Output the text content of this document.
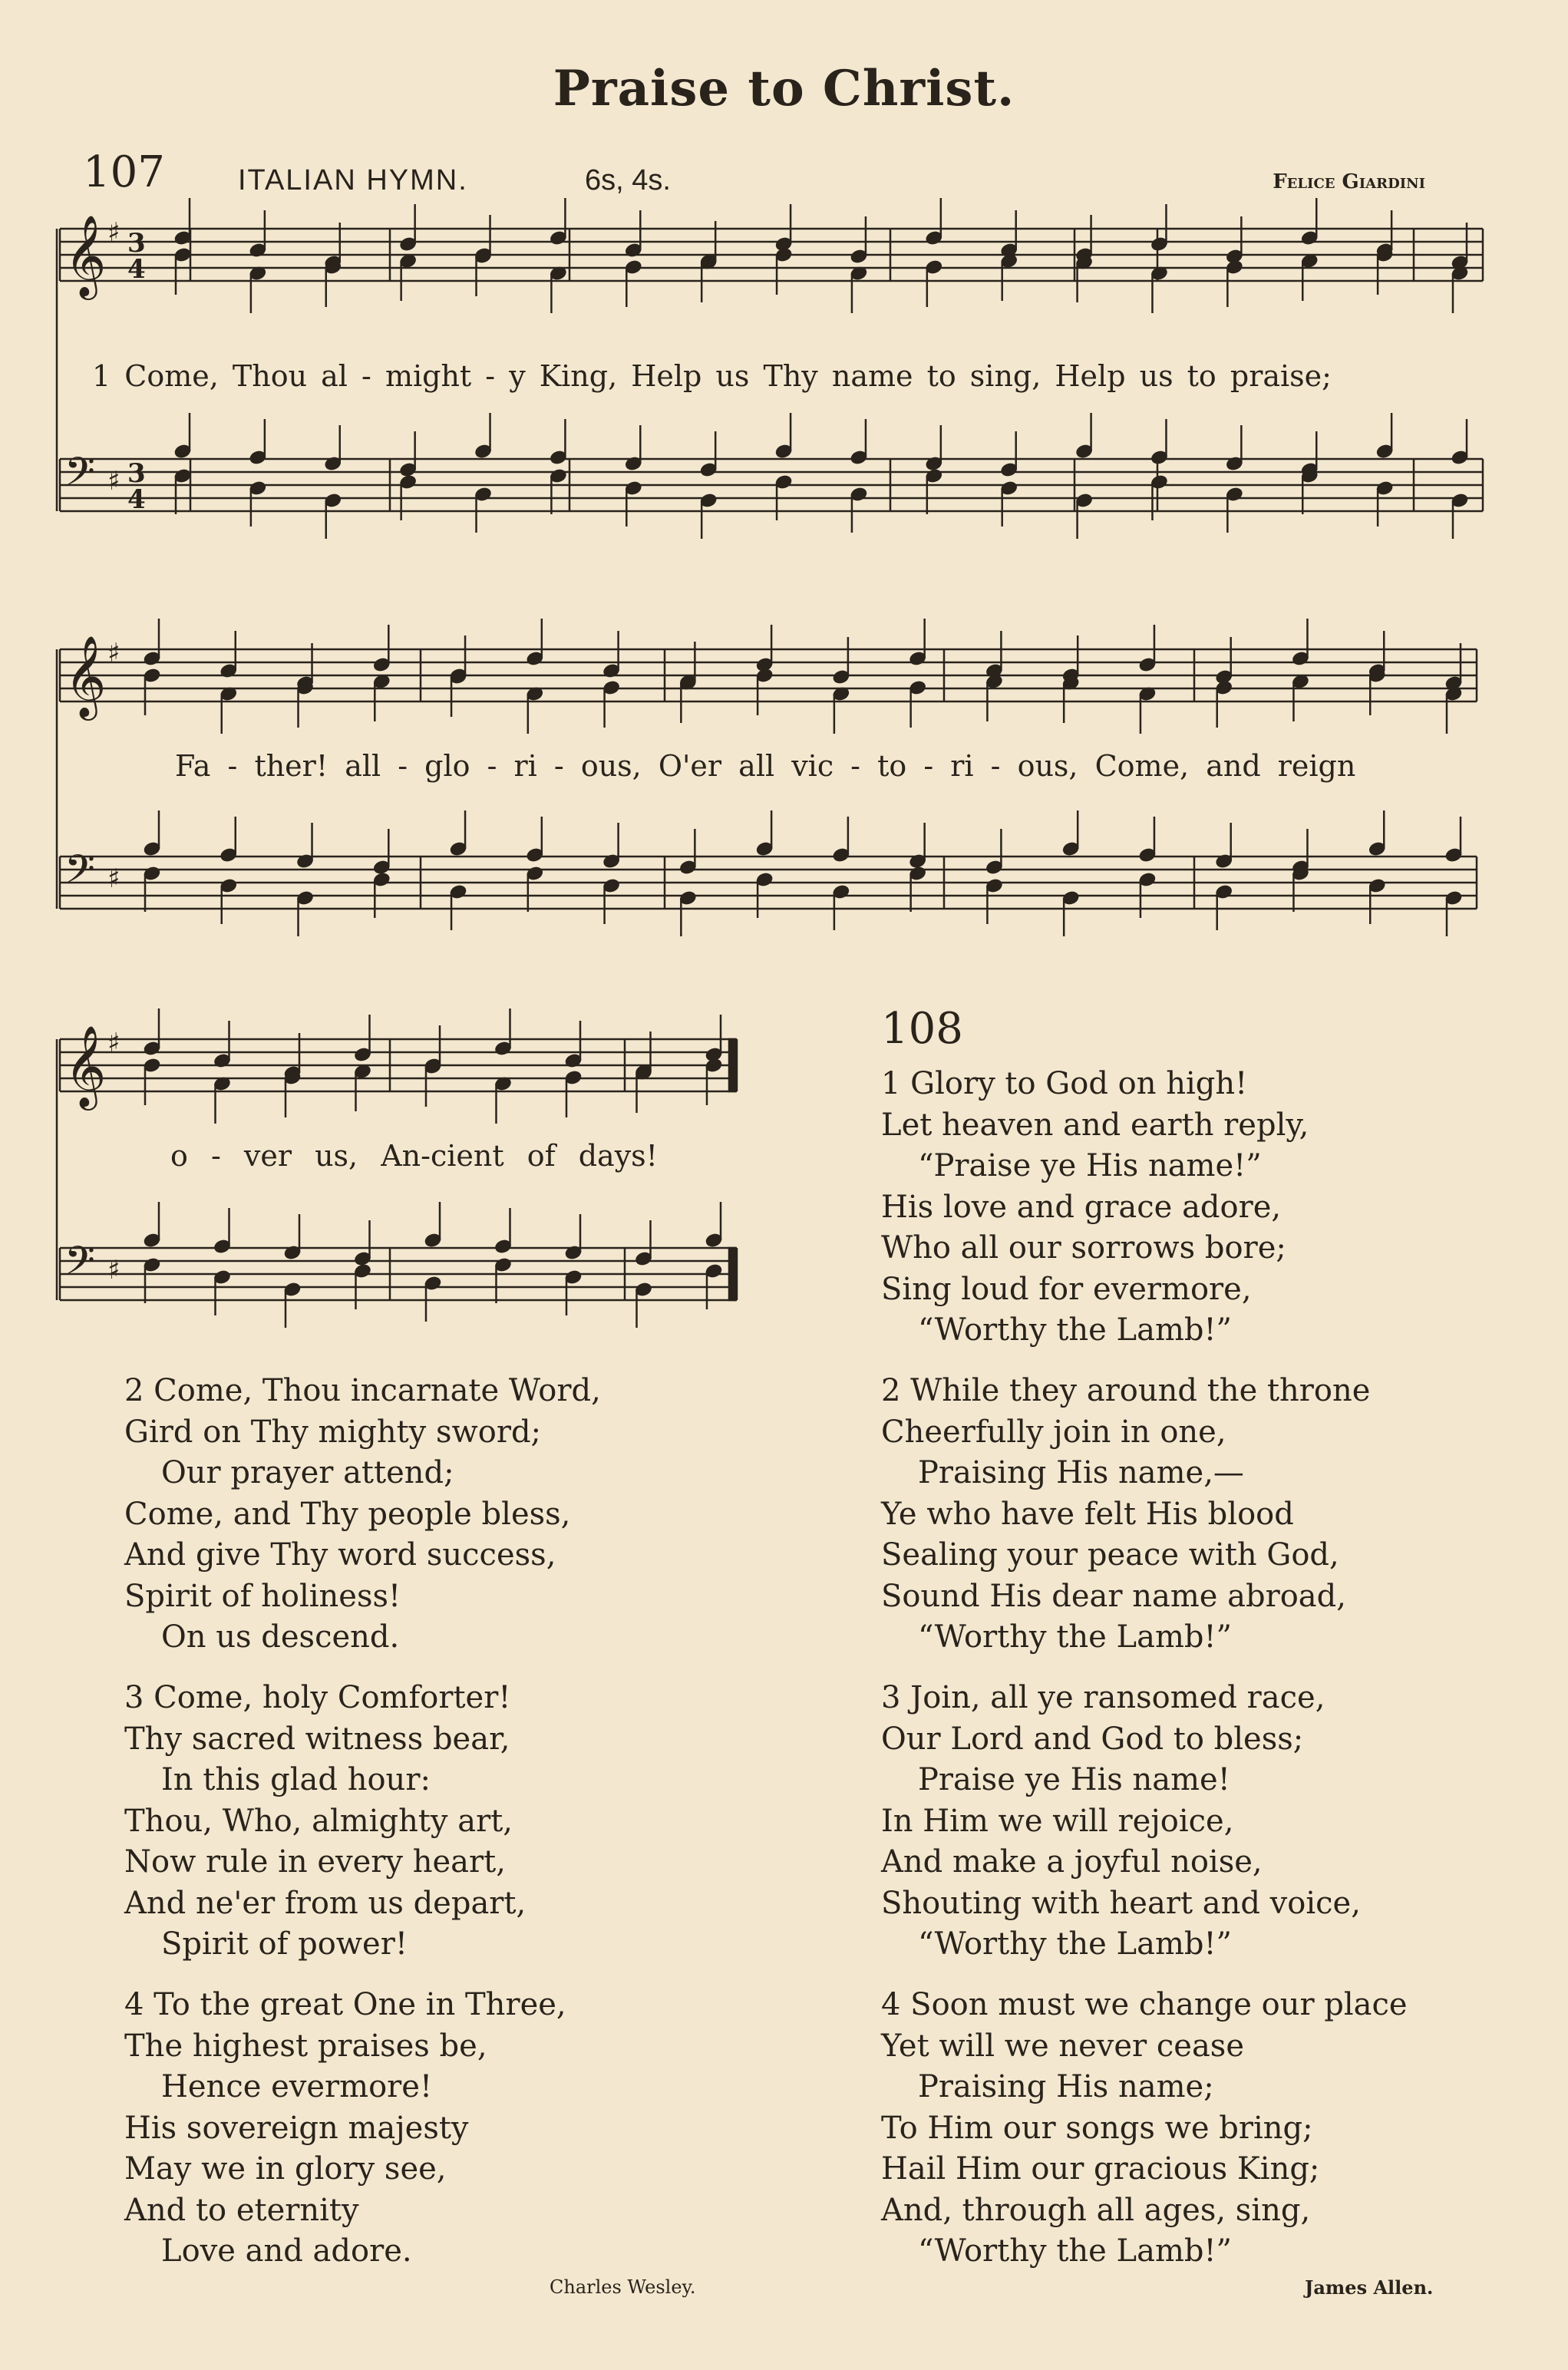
Praise to Christ.
107	ITALIAN HYMN.	6s, 4s.	Felice Giardini
𝄞 ♯ 3
4
𝄢 ♯ 3
4
𝄞 ♯
𝄢 ♯
𝄞 ♯
𝄢 ♯
1 Come, Thou al - might - y King, Help us Thy name to sing, Help us to praise;
Fa - ther! all - glo - ri - ous, O'er all vic - to - ri - ous, Come, and reign
o - ver us, An-cient of days!
108
2 Come, Thou incarnate Word,
Gird on Thy mighty sword;
Our prayer attend;
Come, and Thy people bless,
And give Thy word success,
Spirit of holiness!
On us descend.
3 Come, holy Comforter!
Thy sacred witness bear,
In this glad hour:
Thou, Who, almighty art,
Now rule in every heart,
And ne'er from us depart,
Spirit of power!
4 To the great One in Three,
The highest praises be,
Hence evermore!
His sovereign majesty
May we in glory see,
And to eternity
Love and adore.
Charles Wesley.
1 Glory to God on high!
Let heaven and earth reply,
“Praise ye His name!”
His love and grace adore,
Who all our sorrows bore;
Sing loud for evermore,
“Worthy the Lamb!”
2 While they around the throne
Cheerfully join in one,
Praising His name,—
Ye who have felt His blood
Sealing your peace with God,
Sound His dear name abroad,
“Worthy the Lamb!”
3 Join, all ye ransomed race,
Our Lord and God to bless;
Praise ye His name!
In Him we will rejoice,
And make a joyful noise,
Shouting with heart and voice,
“Worthy the Lamb!”
4 Soon must we change our place
Yet will we never cease
Praising His name;
To Him our songs we bring;
Hail Him our gracious King;
And, through all ages, sing,
“Worthy the Lamb!”
James Allen.
